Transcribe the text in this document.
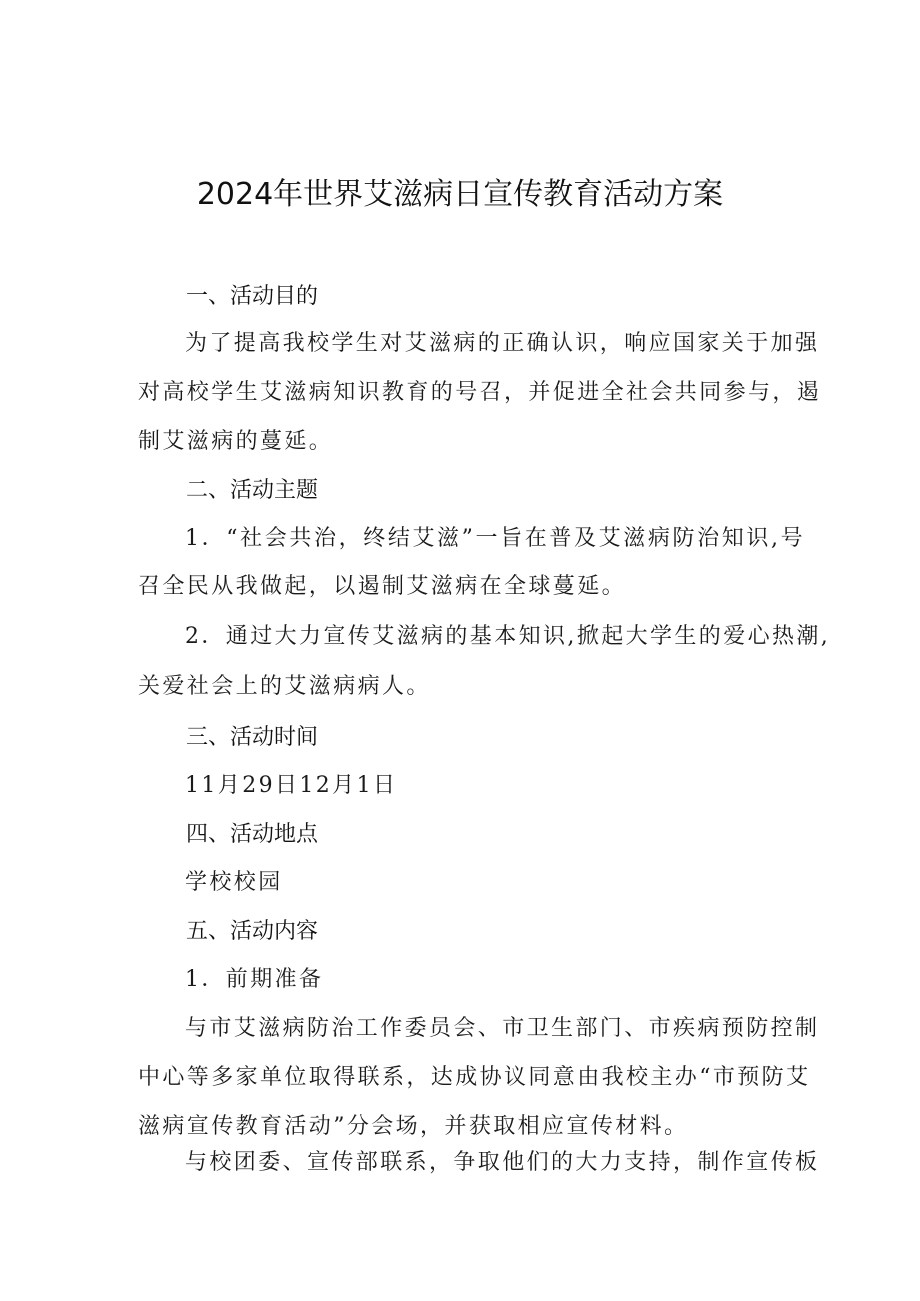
2024年世界艾滋病日宣传教育活动方案
一、活动目的
为了提高我校学生对艾滋病的正确认识，响应国家关于加强
对高校学生艾滋病知识教育的号召，并促进全社会共同参与，遏
制艾滋病的蔓延。
二、活动主题
1．“社会共治，终结艾滋”一旨在普及艾滋病防治知识,号
召全民从我做起，以遏制艾滋病在全球蔓延。
2．通过大力宣传艾滋病的基本知识,掀起大学生的爱心热潮,
关爱社会上的艾滋病病人。
三、活动时间
11月29日12月1日
四、活动地点
学校校园
五、活动内容
1．前期准备
与市艾滋病防治工作委员会、市卫生部门、市疾病预防控制
中心等多家单位取得联系，达成协议同意由我校主办“市预防艾
滋病宣传教育活动”分会场，并获取相应宣传材料。
与校团委、宣传部联系，争取他们的大力支持，制作宣传板
